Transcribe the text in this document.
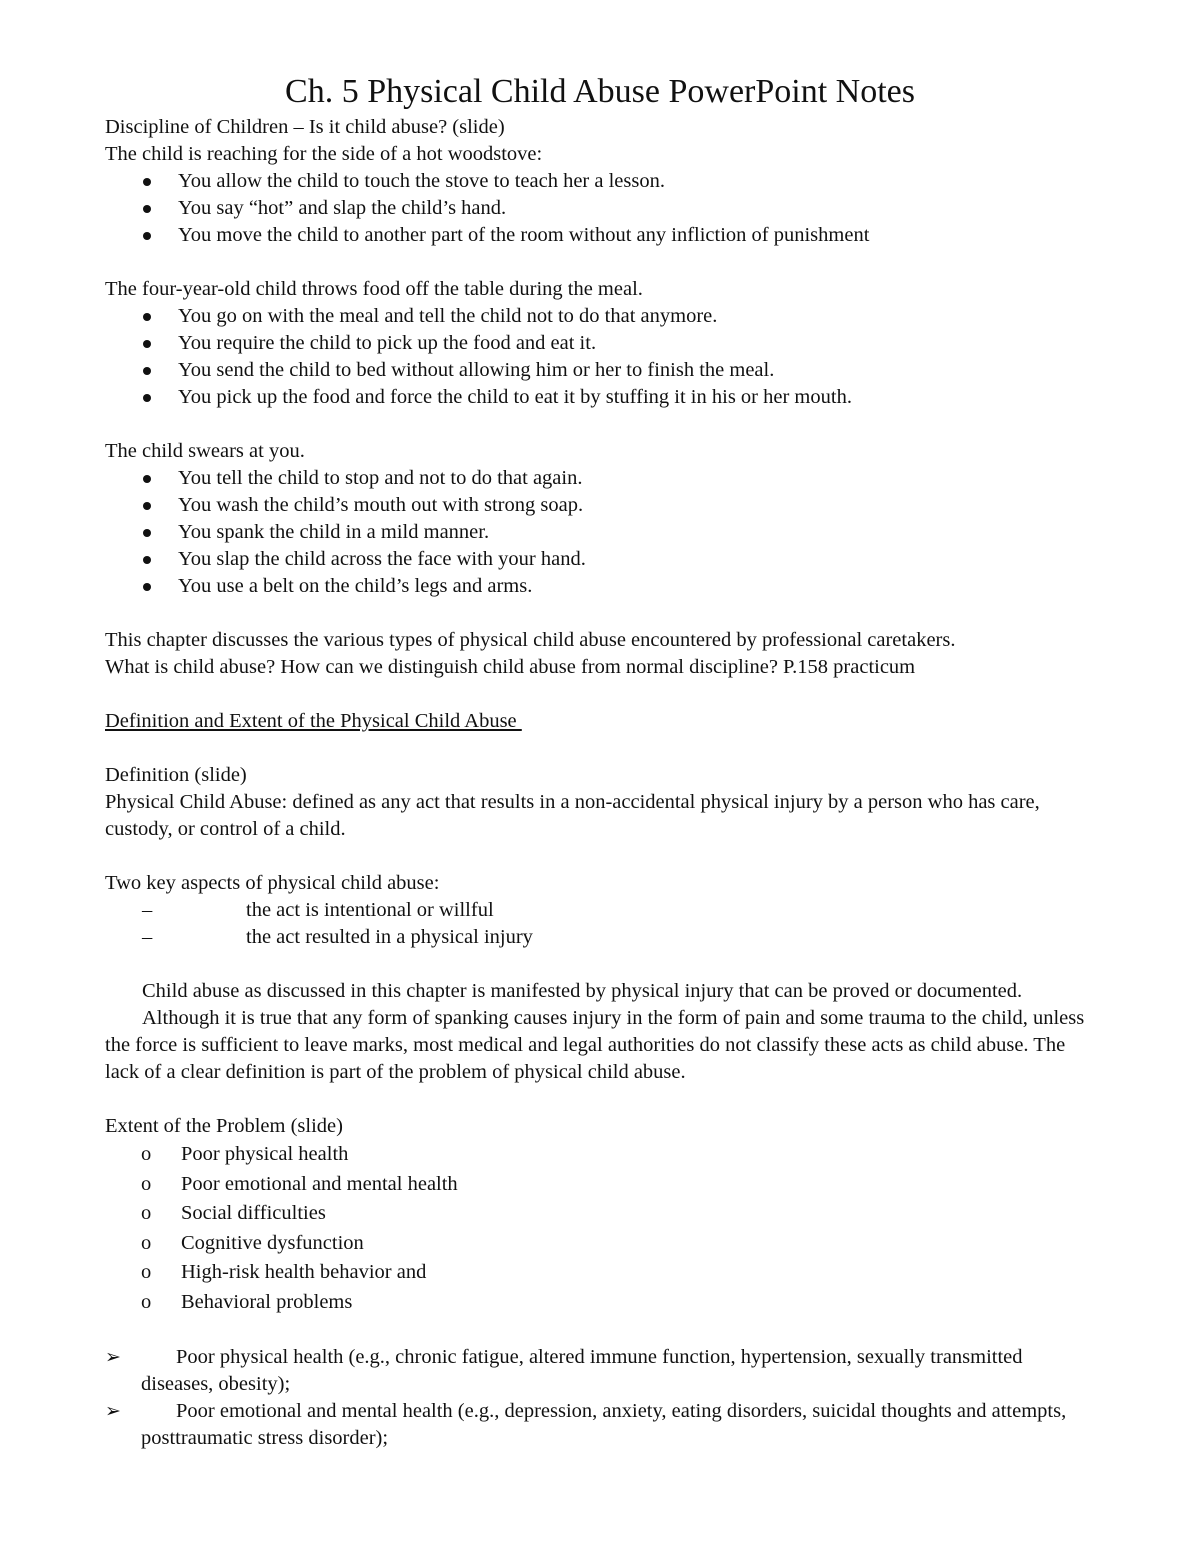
Ch. 5 Physical Child Abuse PowerPoint Notes

Discipline of Children – Is it child abuse? (slide)

The child is reaching for the side of a hot woodstove:

You allow the child to touch the stove to teach her a lesson.
You say “hot” and slap the child’s hand.
You move the child to another part of the room without any infliction of punishment

The four-year-old child throws food off the table during the meal.

You go on with the meal and tell the child not to do that anymore.
You require the child to pick up the food and eat it.
You send the child to bed without allowing him or her to finish the meal.
You pick up the food and force the child to eat it by stuffing it in his or her mouth.

The child swears at you.

You tell the child to stop and not to do that again.
You wash the child’s mouth out with strong soap.
You spank the child in a mild manner.
You slap the child across the face with your hand.
You use a belt on the child’s legs and arms.

This chapter discusses the various types of physical child abuse encountered by professional caretakers.

What is child abuse? How can we distinguish child abuse from normal discipline? P.158 practicum

Definition and Extent of the Physical Child Abuse

Definition (slide)

Physical Child Abuse: defined as any act that results in a non-accidental physical injury by a person who has care, custody, or control of a child.

Two key aspects of physical child abuse:

–	the act is intentional or willful
–	the act resulted in a physical injury

Child abuse as discussed in this chapter is manifested by physical injury that can be proved or documented.

Although it is true that any form of spanking causes injury in the form of pain and some trauma to the child, unless the force is sufficient to leave marks, most medical and legal authorities do not classify these acts as child abuse. The lack of a clear definition is part of the problem of physical child abuse.

Extent of the Problem (slide)

o Poor physical health
o Poor emotional and mental health
o Social difficulties
o Cognitive dysfunction
o High-risk health behavior and
o Behavioral problems
➢	Poor physical health (e.g., chronic fatigue, altered immune function, hypertension, sexually transmitted diseases, obesity);
➢	Poor emotional and mental health (e.g., depression, anxiety, eating disorders, suicidal thoughts and attempts, posttraumatic stress disorder);
